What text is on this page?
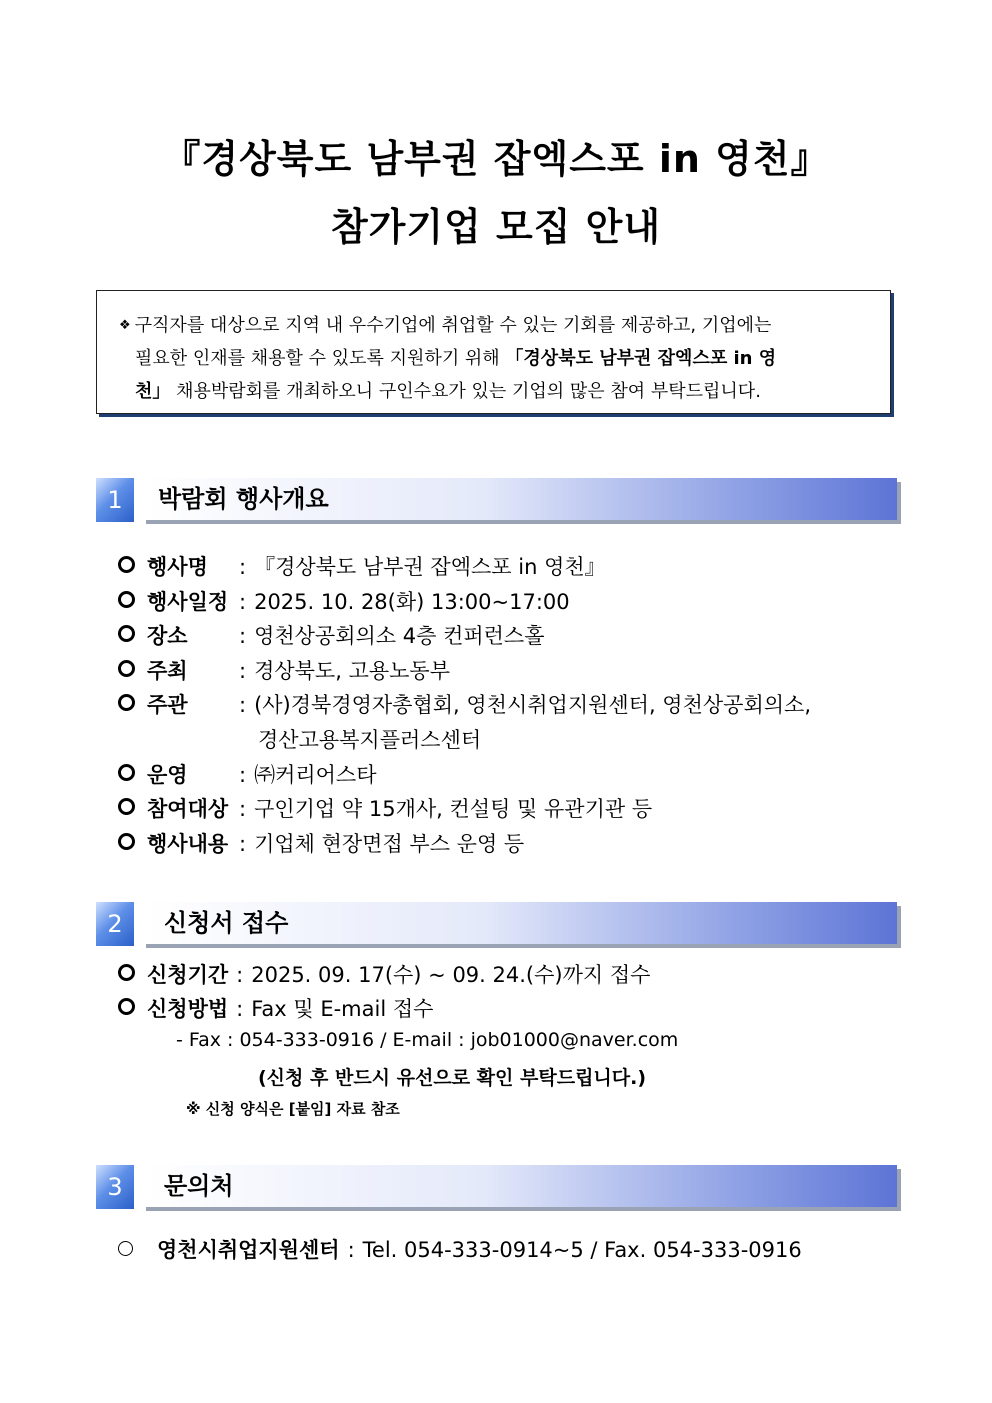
『경상북도 남부권 잡엑스포 in 영천』
참가기업 모집 안내
❖ 구직자를 대상으로 지역 내 우수기업에 취업할 수 있는 기회를 제공하고, 기업에는
필요한 인재를 채용할 수 있도록 지원하기 위해 「경상북도 남부권 잡엑스포 in 영
천」 채용박람회를 개최하오니 구인수요가 있는 기업의 많은 참여 부탁드립니다.
1	박람회 행사개요
행사명 : 『경상북도 남부권 잡엑스포 in 영천』
행사일정 : 2025. 10. 28(화) 13:00~17:00
장소 : 영천상공회의소 4층 컨퍼런스홀
주최 : 경상북도, 고용노동부
주관 : (사)경북경영자총협회, 영천시취업지원센터, 영천상공회의소,
경산고용복지플러스센터
운영 : ㈜커리어스타
참여대상 : 구인기업 약 15개사, 컨설팅 및 유관기관 등
행사내용 : 기업체 현장면접 부스 운영 등
2	신청서 접수
신청기간 : 2025. 09. 17(수) ~ 09. 24.(수)까지 접수
신청방법 : Fax 및 E-mail 접수
- Fax : 054-333-0916 / E-mail : job01000@naver.com
(신청 후 반드시 유선으로 확인 부탁드립니다.)
※ 신청 양식은 [붙임] 자료 참조
3	문의처
영천시취업지원센터 : Tel. 054-333-0914~5 / Fax. 054-333-0916
